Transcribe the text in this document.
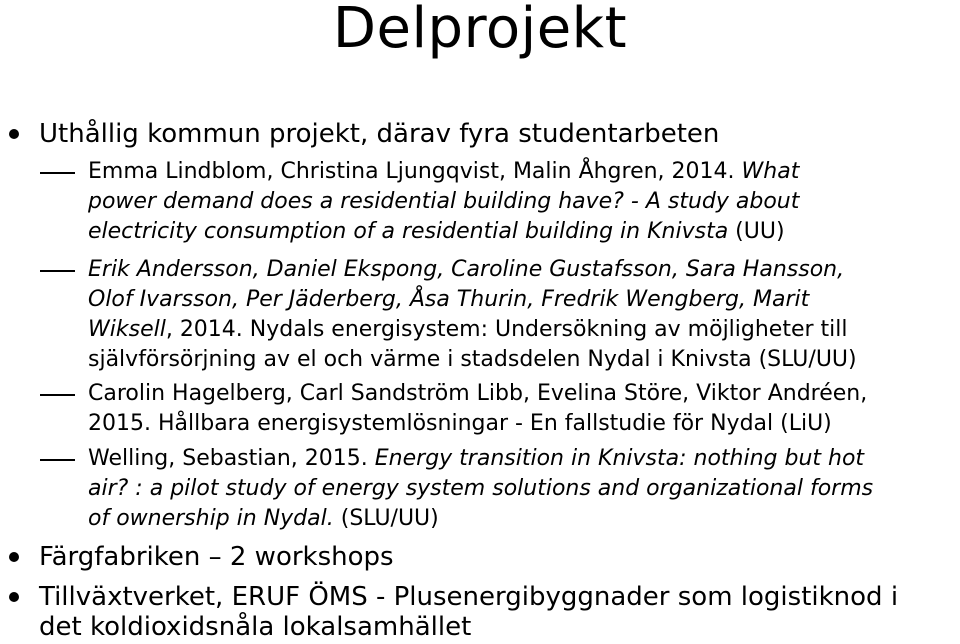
Delprojekt
Uthållig kommun projekt, därav fyra studentarbeten
Emma Lindblom, Christina Ljungqvist, Malin Åhgren, 2014. What
power demand does a residential building have? - A study about
electricity consumption of a residential building in Knivsta (UU)
Erik Andersson, Daniel Ekspong, Caroline Gustafsson, Sara Hansson,
Olof Ivarsson, Per Jäderberg, Åsa Thurin, Fredrik Wengberg, Marit
Wiksell, 2014. Nydals energisystem: Undersökning av möjligheter till
självförsörjning av el och värme i stadsdelen Nydal i Knivsta (SLU/UU)
Carolin Hagelberg, Carl Sandström Libb, Evelina Störe, Viktor Andréen,
2015. Hållbara energisystemlösningar - En fallstudie för Nydal (LiU)
Welling, Sebastian, 2015. Energy transition in Knivsta: nothing but hot
air? : a pilot study of energy system solutions and organizational forms
of ownership in Nydal. (SLU/UU)
Färgfabriken – 2 workshops
Tillväxtverket, ERUF ÖMS - Plusenergibyggnader som logistiknod i
det koldioxidsnåla lokalsamhället
